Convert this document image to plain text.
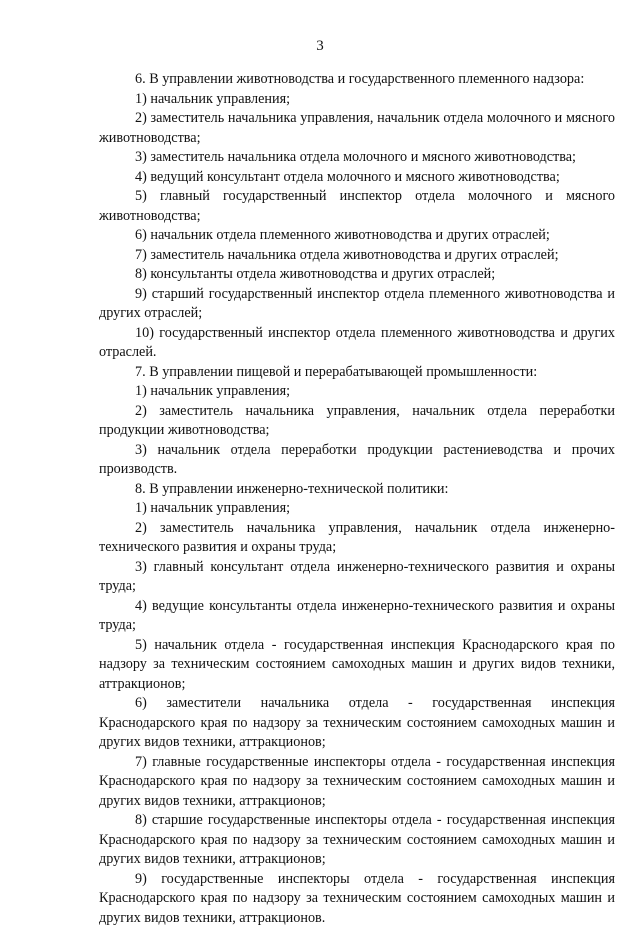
3

6. В управлении животноводства и государственного племенного надзора:

1) начальник управления;

2) заместитель начальника управления, начальник отдела молочного и мясного животноводства;

3) заместитель начальника отдела молочного и мясного животноводства;

4) ведущий консультант отдела молочного и мясного животноводства;

5) главный государственный инспектор отдела молочного и мясного животноводства;

6) начальник отдела племенного животноводства и других отраслей;

7) заместитель начальника отдела животноводства и других отраслей;

8) консультанты отдела животноводства и других отраслей;

9) старший государственный инспектор отдела племенного животноводства и других отраслей;

10) государственный инспектор отдела племенного животноводства и других отраслей.

7. В управлении пищевой и перерабатывающей промышленности:

1) начальник управления;

2) заместитель начальника управления, начальник отдела переработки продукции животноводства;

3) начальник отдела переработки продукции растениеводства и прочих производств.

8. В управлении инженерно-технической политики:

1) начальник управления;

2) заместитель начальника управления, начальник отдела инженерно-технического развития и охраны труда;

3) главный консультант отдела инженерно-технического развития и охраны труда;

4) ведущие консультанты отдела инженерно-технического развития и охраны труда;

5) начальник отдела - государственная инспекция Краснодарского края по надзору за техническим состоянием самоходных машин и других видов техники, аттракционов;

6) заместители начальника отдела - государственная инспекция Краснодарского края по надзору за техническим состоянием самоходных машин и других видов техники, аттракционов;

7) главные государственные инспекторы отдела - государственная инспекция Краснодарского края по надзору за техническим состоянием самоходных машин и других видов техники, аттракционов;

8) старшие государственные инспекторы отдела - государственная инспекция Краснодарского края по надзору за техническим состоянием самоходных машин и других видов техники, аттракционов;

9) государственные инспекторы отдела - государственная инспекция Краснодарского края по надзору за техническим состоянием самоходных машин и других видов техники, аттракционов.
